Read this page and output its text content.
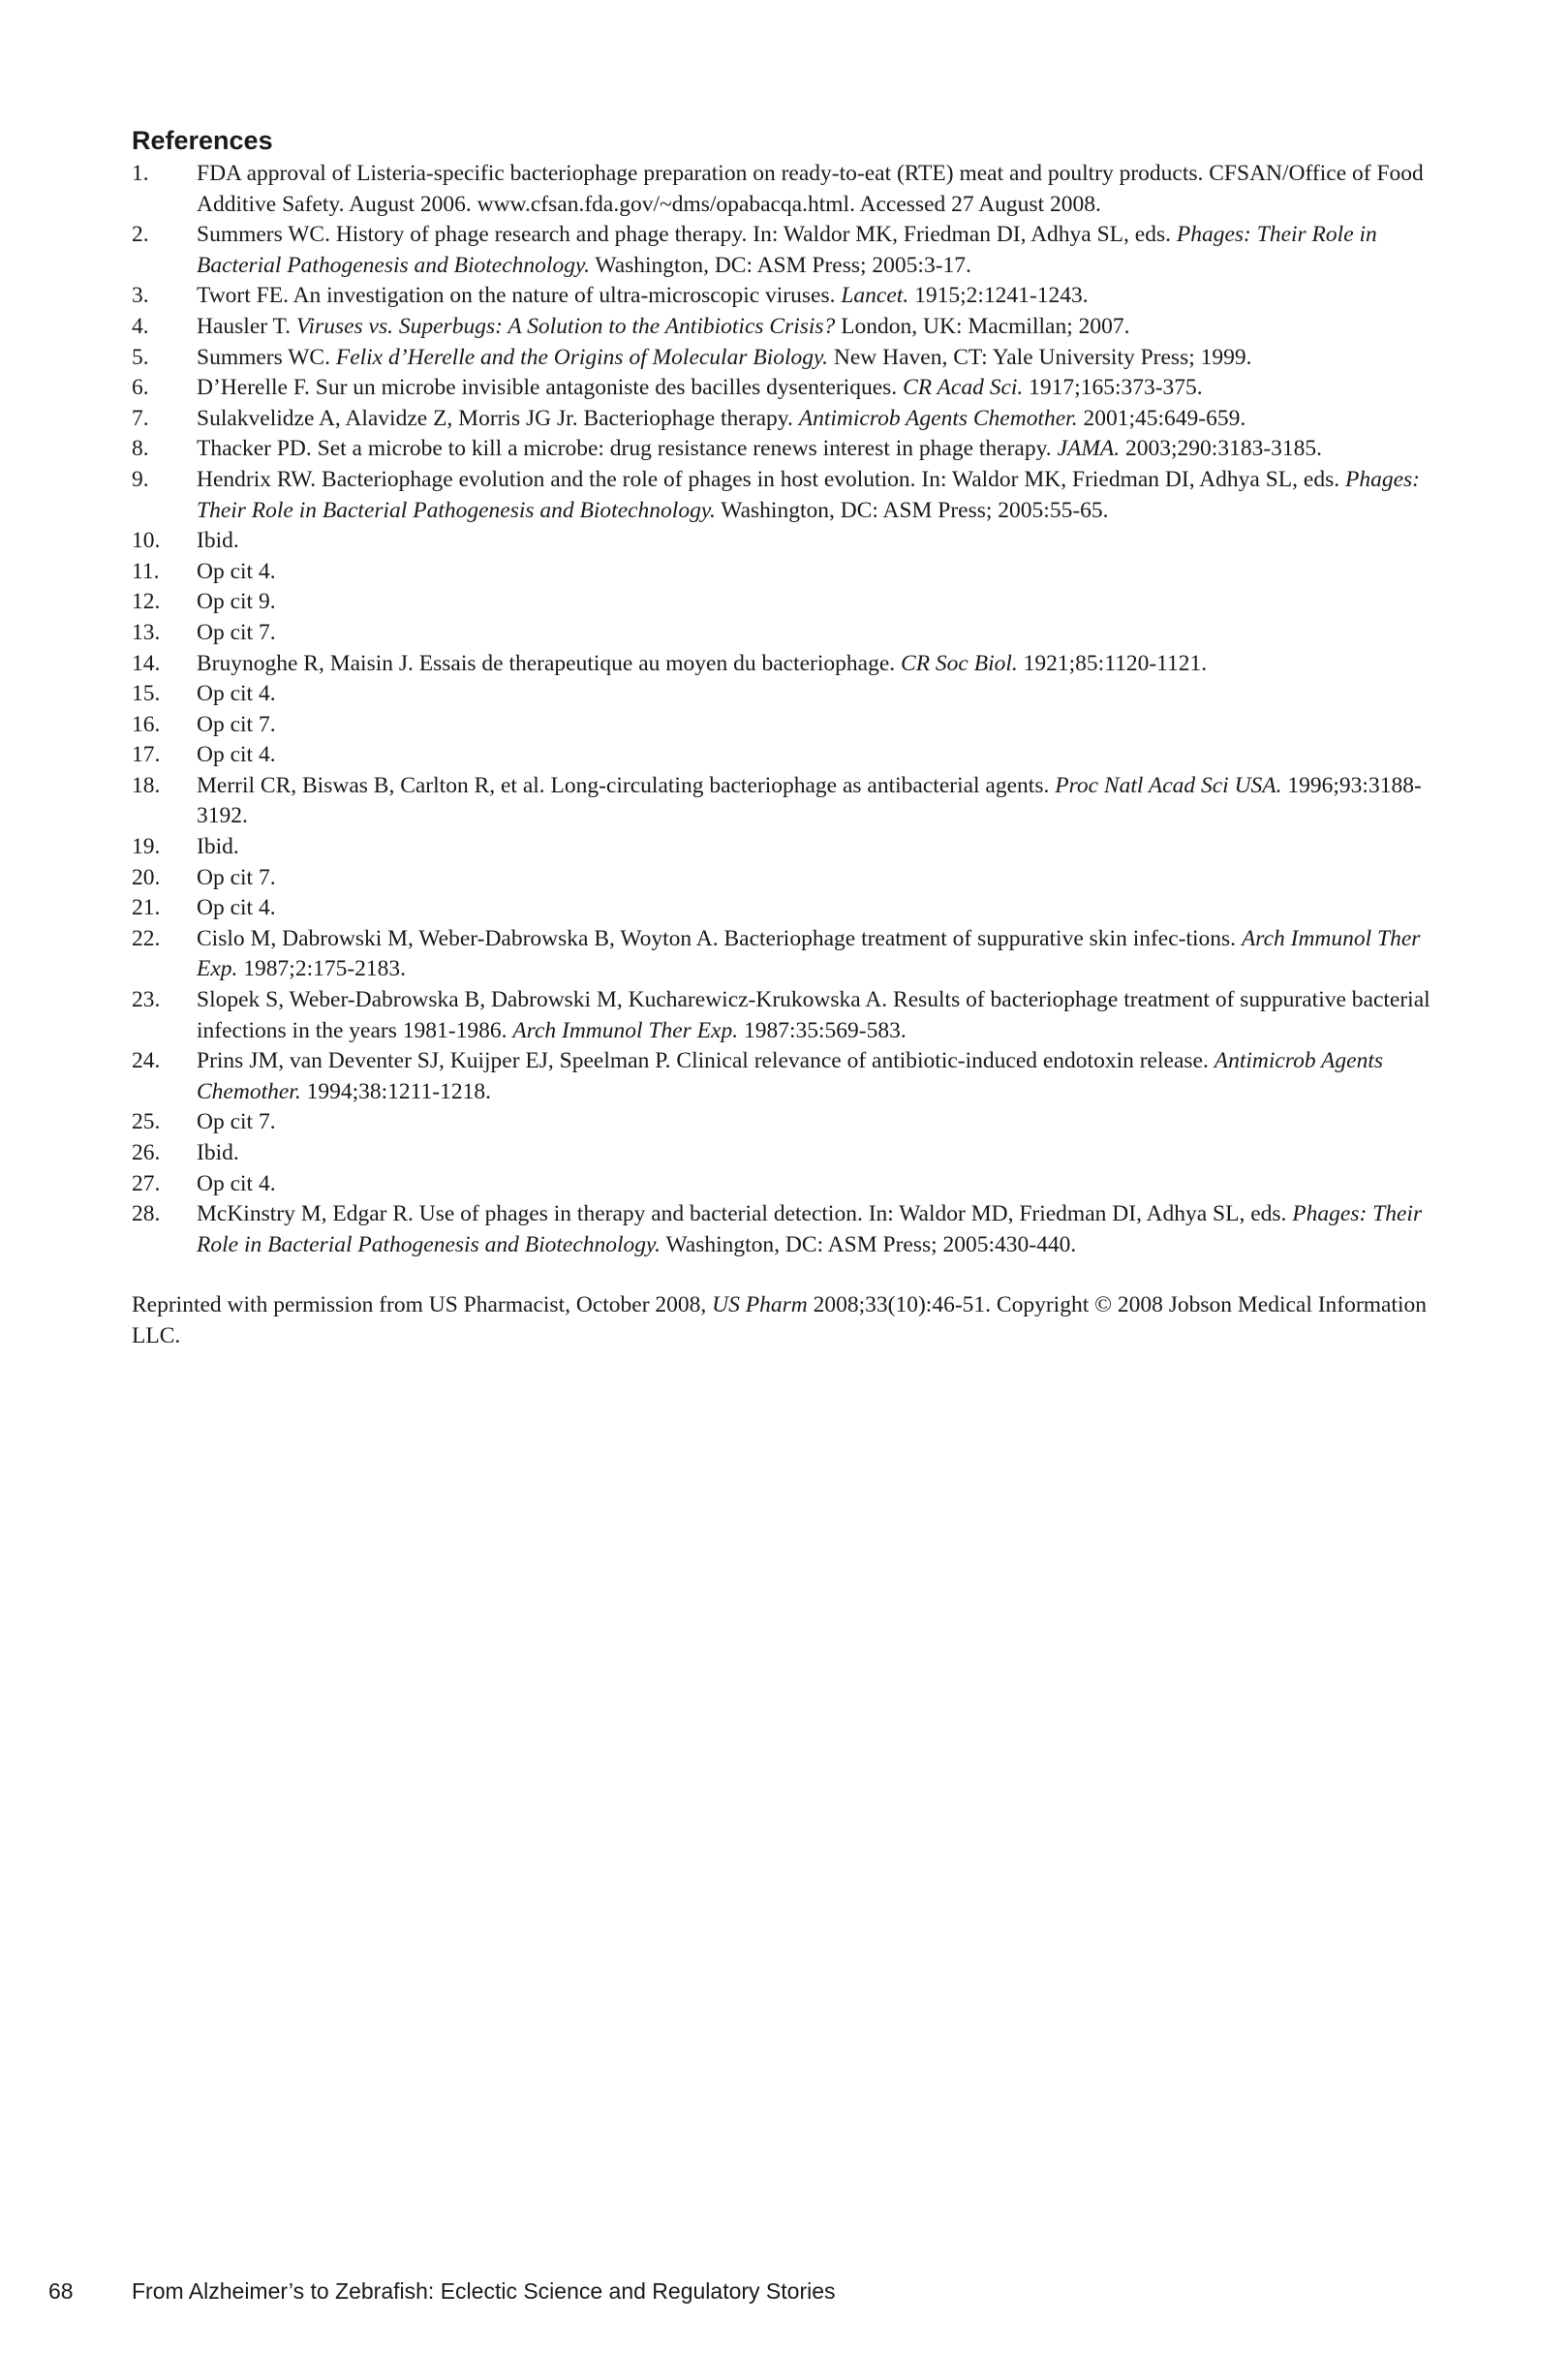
References
1. FDA approval of Listeria-specific bacteriophage preparation on ready-to-eat (RTE) meat and poultry products. CFSAN/Office of Food Additive Safety. August 2006. www.cfsan.fda.gov/~dms/opabacqa.html. Accessed 27 August 2008.
2. Summers WC. History of phage research and phage therapy. In: Waldor MK, Friedman DI, Adhya SL, eds. Phages: Their Role in Bacterial Pathogenesis and Biotechnology. Washington, DC: ASM Press; 2005:3-17.
3. Twort FE. An investigation on the nature of ultra-microscopic viruses. Lancet. 1915;2:1241-1243.
4. Hausler T. Viruses vs. Superbugs: A Solution to the Antibiotics Crisis? London, UK: Macmillan; 2007.
5. Summers WC. Felix d’Herelle and the Origins of Molecular Biology. New Haven, CT: Yale University Press; 1999.
6. D’Herelle F. Sur un microbe invisible antagoniste des bacilles dysenteriques. CR Acad Sci. 1917;165:373-375.
7. Sulakvelidze A, Alavidze Z, Morris JG Jr. Bacteriophage therapy. Antimicrob Agents Chemother. 2001;45:649-659.
8. Thacker PD. Set a microbe to kill a microbe: drug resistance renews interest in phage therapy. JAMA. 2003;290:3183-3185.
9. Hendrix RW. Bacteriophage evolution and the role of phages in host evolution. In: Waldor MK, Friedman DI, Adhya SL, eds. Phages: Their Role in Bacterial Pathogenesis and Biotechnology. Washington, DC: ASM Press; 2005:55-65.
10. Ibid.
11. Op cit 4.
12. Op cit 9.
13. Op cit 7.
14. Bruynoghe R, Maisin J. Essais de therapeutique au moyen du bacteriophage. CR Soc Biol. 1921;85:1120-1121.
15. Op cit 4.
16. Op cit 7.
17. Op cit 4.
18. Merril CR, Biswas B, Carlton R, et al. Long-circulating bacteriophage as antibacterial agents. Proc Natl Acad Sci USA. 1996;93:3188-3192.
19. Ibid.
20. Op cit 7.
21. Op cit 4.
22. Cislo M, Dabrowski M, Weber-Dabrowska B, Woyton A. Bacteriophage treatment of suppurative skin infec-tions. Arch Immunol Ther Exp. 1987;2:175-2183.
23. Slopek S, Weber-Dabrowska B, Dabrowski M, Kucharewicz-Krukowska A. Results of bacteriophage treatment of suppurative bacterial infections in the years 1981-1986. Arch Immunol Ther Exp. 1987:35:569-583.
24. Prins JM, van Deventer SJ, Kuijper EJ, Speelman P. Clinical relevance of antibiotic-induced endotoxin release. Antimicrob Agents Chemother. 1994;38:1211-1218.
25. Op cit 7.
26. Ibid.
27. Op cit 4.
28. McKinstry M, Edgar R. Use of phages in therapy and bacterial detection. In: Waldor MD, Friedman DI, Adhya SL, eds. Phages: Their Role in Bacterial Pathogenesis and Biotechnology. Washington, DC: ASM Press; 2005:430-440.
Reprinted with permission from US Pharmacist, October 2008, US Pharm 2008;33(10):46-51. Copyright © 2008 Jobson Medical Information LLC.
68	From Alzheimer’s to Zebrafish: Eclectic Science and Regulatory Stories
